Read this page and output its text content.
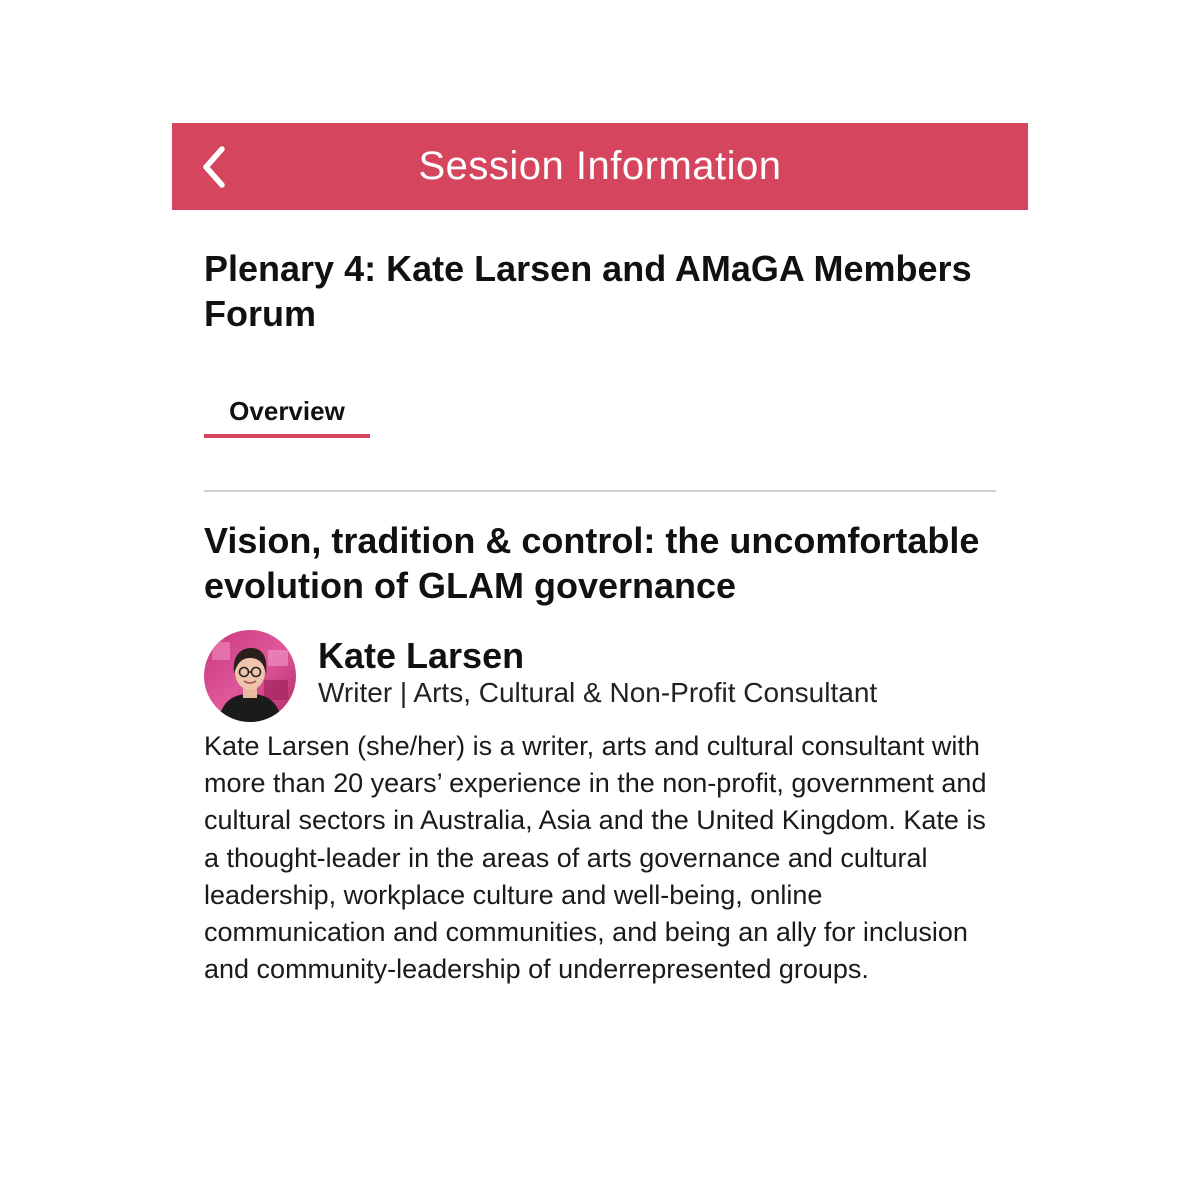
Session Information
Plenary 4: Kate Larsen and AMaGA Members Forum
Overview
Vision, tradition & control: the uncomfortable evolution of GLAM governance
Kate Larsen
Writer | Arts, Cultural & Non-Profit Consultant

Kate Larsen (she/her) is a writer, arts and cultural consultant with more than 20 years’ experience in the non-profit, government and cultural sectors in Australia, Asia and the United Kingdom. Kate is a thought-leader in the areas of arts governance and cultural leadership, workplace culture and well-being, online communication and communities, and being an ally for inclusion and community-leadership of underrepresented groups.
